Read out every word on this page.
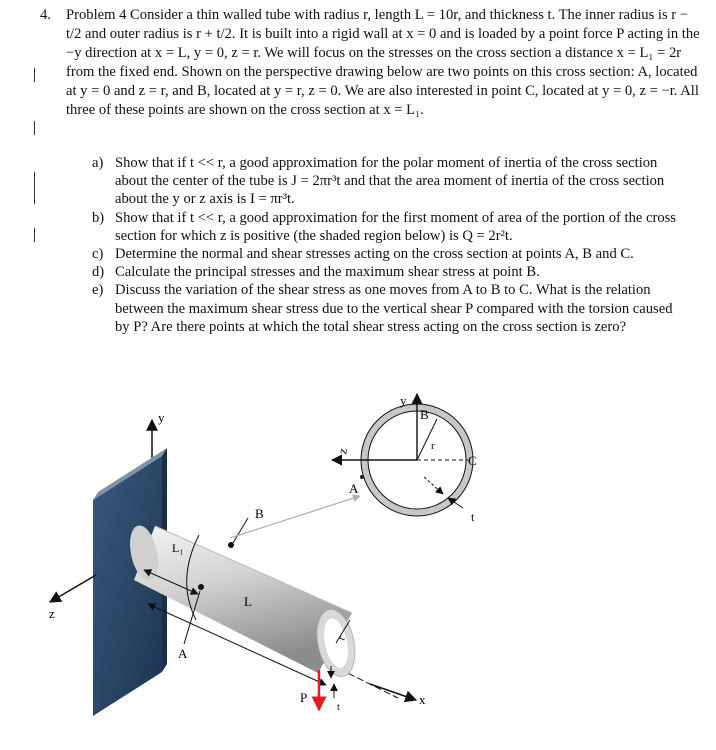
4. Problem 4 Consider a thin walled tube with radius r, length L = 10r, and thickness t. The inner radius is r − t/2 and outer radius is r + t/2. It is built into a rigid wall at x = 0 and is loaded by a point force P acting in the −y direction at x = L, y = 0, z = r. We will focus on the stresses on the cross section a distance x = L₁ = 2r from the fixed end. Shown on the perspective drawing below are two points on this cross section: A, located at y = 0 and z = r, and B, located at y = r, z = 0. We are also interested in point C, located at y = 0, z = −r. All three of these points are shown on the cross section at x = L₁.
a) Show that if t << r, a good approximation for the polar moment of inertia of the cross section about the center of the tube is J = 2πr³t and that the area moment of inertia of the cross section about the y or z axis is I = πr³t.
b) Show that if t << r, a good approximation for the first moment of area of the portion of the cross section for which z is positive (the shaded region below) is Q = 2r²t.
c) Determine the normal and shear stresses acting on the cross section at points A, B and C.
d) Calculate the principal stresses and the maximum shear stress at point B.
e) Discuss the variation of the shear stress as one moves from A to B to C. What is the relation between the maximum shear stress due to the vertical shear P compared with the torsion caused by P? Are there points at which the total shear stress acting on the cross section is zero?
y
z
x
L₁
L
B
A
r
P
t
r
t
y
z
B
C
A
